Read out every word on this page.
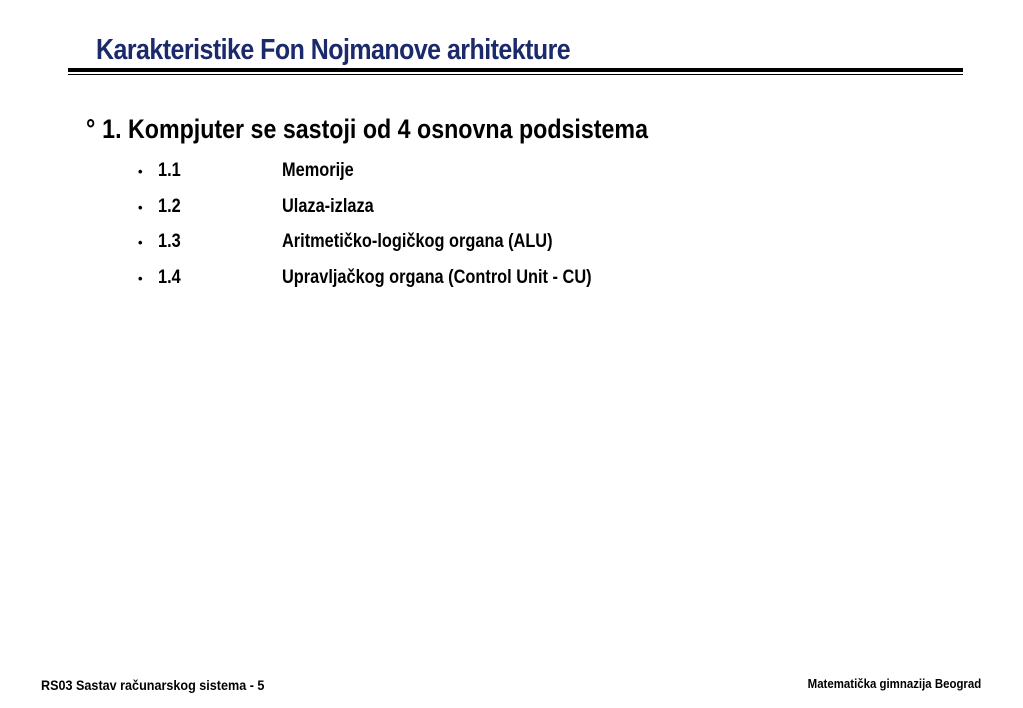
Karakteristike Fon Nojmanove arhitekture
° 1. Kompjuter se sastoji od 4 osnovna podsistema
• 1.1	Memorije
• 1.2	Ulaza-izlaza
• 1.3	Aritmetičko-logičkog organa (ALU)
• 1.4	Upravljačkog organa (Control Unit - CU)
RS03 Sastav računarskog sistema - 5	Matematička gimnazija Beograd
